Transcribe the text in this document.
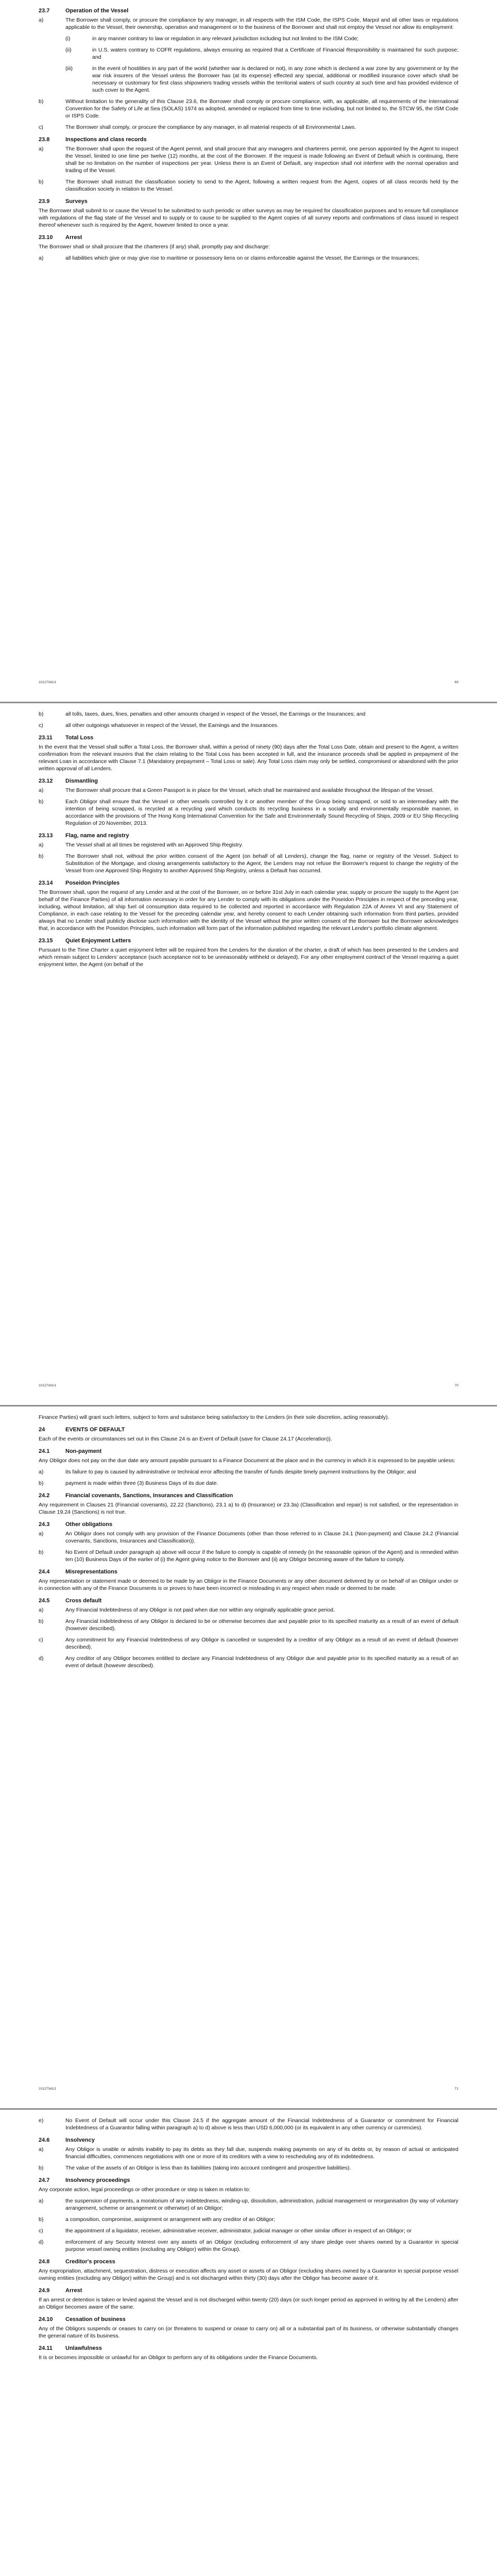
23.7	Operation of the Vessel
a)	The Borrower shall comply, or procure the compliance by any manager, in all respects with the ISM Code, the ISPS Code, Marpol and all other laws or regulations applicable to the Vessel, their ownership, operation and management or to the business of the Borrower and shall not employ the Vessel nor allow its employment:
(i)	in any manner contrary to law or regulation in any relevant jurisdiction including but not limited to the ISM Code;
(ii)	in U.S. waters contrary to COFR regulations, always ensuring as required that a Certificate of Financial Responsibility is maintained for such purpose; and
(iii)	in the event of hostilities in any part of the world (whether war is declared or not), in any zone which is declared a war zone by any government or by the war risk insurers of the Vessel unless the Borrower has (at its expense) effected any special, additional or modified insurance cover which shall be necessary or customary for first class shipowners trading vessels within the territorial waters of such country at such time and has provided evidence of such cover to the Agent.
b)	Without limitation to the generality of this Clause 23.6, the Borrower shall comply or procure compliance, with, as applicable, all requirements of the International Convention for the Safety of Life at Sea (SOLAS) 1974 as adopted, amended or replaced from time to time including, but not limited to, the STCW 95, the ISM Code or ISPS Code.
c)	The Borrower shall comply, or procure the compliance by any manager, in all material respects of all Environmental Laws.
23.8	Inspections and class records
a)	The Borrower shall upon the request of the Agent permit, and shall procure that any managers and charterers permit, one person appointed by the Agent to inspect the Vessel, limited to one time per twelve (12) months, at the cost of the Borrower. If the request is made following an Event of Default which is continuing, there shall be no limitation on the number of inspections per year. Unless there is an Event of Default, any inspection shall not interfere with the normal operation and trading of the Vessel.
b)	The Borrower shall instruct the classification society to send to the Agent, following a written request from the Agent, copies of all class records held by the classification society in relation to the Vessel.
23.9	Surveys
The Borrower shall submit to or cause the Vessel to be submitted to such periodic or other surveys as may be required for classification purposes and to ensure full compliance with regulations of the flag state of the Vessel and to supply or to cause to be supplied to the Agent copies of all survey reports and confirmations of class issued in respect thereof whenever such is required by the Agent, however limited to once a year.
23.10	Arrest
The Borrower shall or shall procure that the charterers (if any) shall, promptly pay and discharge:
a)	all liabilities which give or may give rise to maritime or possessory liens on or claims enforceable against the Vessel, the Earnings or the Insurances;
10127341/1	69
b)	all tolls, taxes, dues, fines, penalties and other amounts charged in respect of the Vessel, the Earnings or the Insurances; and
c)	all other outgoings whatsoever in respect of the Vessel, the Earnings and the Insurances.
23.11	Total Loss
In the event that the Vessel shall suffer a Total Loss, the Borrower shall, within a period of ninety (90) days after the Total Loss Date, obtain and present to the Agent, a written confirmation from the relevant insurers that the claim relating to the Total Loss has been accepted in full, and the insurance proceeds shall be applied in prepayment of the relevant Loan in accordance with Clause 7.1 (Mandatory prepayment – Total Loss or sale). Any Total Loss claim may only be settled, compromised or abandoned with the prior written approval of all Lenders.
23.12	Dismantling
a)	The Borrower shall procure that a Green Passport is in place for the Vessel, which shall be maintained and available throughout the lifespan of the Vessel.
b)	Each Obligor shall ensure that the Vessel or other vessels controlled by it or another member of the Group being scrapped, or sold to an intermediary with the intention of being scrapped, is recycled at a recycling yard which conducts its recycling business in a socially and environmentally responsible manner, in accordance with the provisions of The Hong Kong International Convention for the Safe and Environmentally Sound Recycling of Ships, 2009 or EU Ship Recycling Regulation of 20 November, 2013.
23.13	Flag, name and registry
a)	The Vessel shall at all times be registered with an Approved Ship Registry.
b)	The Borrower shall not, without the prior written consent of the Agent (on behalf of all Lenders), change the flag, name or registry of the Vessel. Subject to Substitution of the Mortgage, and closing arrangements satisfactory to the Agent, the Lenders may not refuse the Borrower's request to change the registry of the Vessel from one Approved Ship Registry to another Approved Ship Registry, unless a Default has occurred.
23.14	Poseidon Principles
The Borrower shall, upon the request of any Lender and at the cost of the Borrower, on or before 31st July in each calendar year, supply or procure the supply to the Agent (on behalf of the Finance Parties) of all information necessary in order for any Lender to comply with its obligations under the Poseidon Principles in respect of the preceding year, including, without limitation, all ship fuel oil consumption data required to be collected and reported in accordance with Regulation 22A of Annex VI and any Statement of Compliance, in each case relating to the Vessel for the preceding calendar year, and hereby consent to each Lender obtaining such information from third parties, provided always that no Lender shall publicly disclose such information with the identity of the Vessel without the prior written consent of the Borrower but the Borrower acknowledges that, in accordance with the Poseidon Principles, such information will form part of the information published regarding the relevant Lender's portfolio climate alignment.
23.15	Quiet Enjoyment Letters
Pursuant to the Time Charter a quiet enjoyment letter will be required from the Lenders for the duration of the charter, a draft of which has been presented to the Lenders and which remain subject to Lenders' acceptance (such acceptance not to be unreasonably withheld or delayed). For any other employment contract of the Vessel requiring a quiet enjoyment letter, the Agent (on behalf of the
10127341/1	70
Finance Parties) will grant such letters, subject to form and substance being satisfactory to the Lenders (in their sole discretion, acting reasonably).
24	EVENTS OF DEFAULT
Each of the events or circumstances set out in this Clause 24 is an Event of Default (save for Clause 24.17 (Acceleration)).
24.1	Non-payment
Any Obligor does not pay on the due date any amount payable pursuant to a Finance Document at the place and in the currency in which it is expressed to be payable unless:
a)	its failure to pay is caused by administrative or technical error affecting the transfer of funds despite timely payment instructions by the Obligor; and
b)	payment is made within three (3) Business Days of its due date.
24.2	Financial covenants, Sanctions, Insurances and Classification
Any requirement in Clauses 21 (Financial covenants), 22.22 (Sanctions), 23.1 a) to d) (Insurance) or 23.3a) (Classification and repair) is not satisfied, or the representation in Clause 19.24 (Sanctions) is not true.
24.3	Other obligations
a)	An Obligor does not comply with any provision of the Finance Documents (other than those referred to in Clause 24.1 (Non-payment) and Clause 24.2 (Financial covenants, Sanctions, Insurances and Classification)).
b)	No Event of Default under paragraph a) above will occur if the failure to comply is capable of remedy (in the reasonable opinion of the Agent) and is remedied within ten (10) Business Days of the earlier of (i) the Agent giving notice to the Borrower and (ii) any Obligor becoming aware of the failure to comply.
24.4	Misrepresentations
Any representation or statement made or deemed to be made by an Obligor in the Finance Documents or any other document delivered by or on behalf of an Obligor under or in connection with any of the Finance Documents is or proves to have been incorrect or misleading in any respect when made or deemed to be made.
24.5	Cross default
a)	Any Financial Indebtedness of any Obligor is not paid when due nor within any originally applicable grace period.
b)	Any Financial Indebtedness of any Obligor is declared to be or otherwise becomes due and payable prior to its specified maturity as a result of an event of default (however described).
c)	Any commitment for any Financial Indebtedness of any Obligor is cancelled or suspended by a creditor of any Obligor as a result of an event of default (however described).
d)	Any creditor of any Obligor becomes entitled to declare any Financial Indebtedness of any Obligor due and payable prior to its specified maturity as a result of an event of default (however described).
10127341/1	71
e)	No Event of Default will occur under this Clause 24.5 if the aggregate amount of the Financial Indebtedness of a Guarantor or commitment for Financial Indebtedness of a Guarantor falling within paragraph a) to d) above is less than USD 6,000,000 (or its equivalent in any other currency or currencies).
24.6	Insolvency
a)	Any Obligor is unable or admits inability to pay its debts as they fall due, suspends making payments on any of its debts or, by reason of actual or anticipated financial difficulties, commences negotiations with one or more of its creditors with a view to rescheduling any of its indebtedness.
b)	The value of the assets of an Obligor is less than its liabilities (taking into account contingent and prospective liabilities).
24.7	Insolvency proceedings
Any corporate action, legal proceedings or other procedure or step is taken in relation to:
a)	the suspension of payments, a moratorium of any indebtedness, winding-up, dissolution, administration, judicial management or reorganisation (by way of voluntary arrangement, scheme or arrangement or otherwise) of an Obligor;
b)	a composition, compromise, assignment or arrangement with any creditor of an Obligor;
c)	the appointment of a liquidator, receiver, administrative receiver, administrator, judicial manager or other similar officer in respect of an Obligor; or
d)	enforcement of any Security Interest over any assets of an Obligor (excluding enforcement of any share pledge over shares owned by a Guarantor in special purpose vessel owning entities (excluding any Obligor) within the Group).
24.8	Creditor's process
Any expropriation, attachment, sequestration, distress or execution affects any asset or assets of an Obligor (excluding shares owned by a Guarantor in special purpose vessel owning entities (excluding any Obligor) within the Group) and is not discharged within thirty (30) days after the Obligor has become aware of it.
24.9	Arrest
If an arrest or detention is taken or levied against the Vessel and is not discharged within twenty (20) days (or such longer period as approved in writing by all the Lenders) after an Obligor becomes aware of the same.
24.10	Cessation of business
Any of the Obligors suspends or ceases to carry on (or threatens to suspend or cease to carry on) all or a substantial part of its business, or otherwise substantially changes the general nature of its business.
24.11	Unlawfulness
It is or becomes impossible or unlawful for an Obligor to perform any of its obligations under the Finance Documents.
